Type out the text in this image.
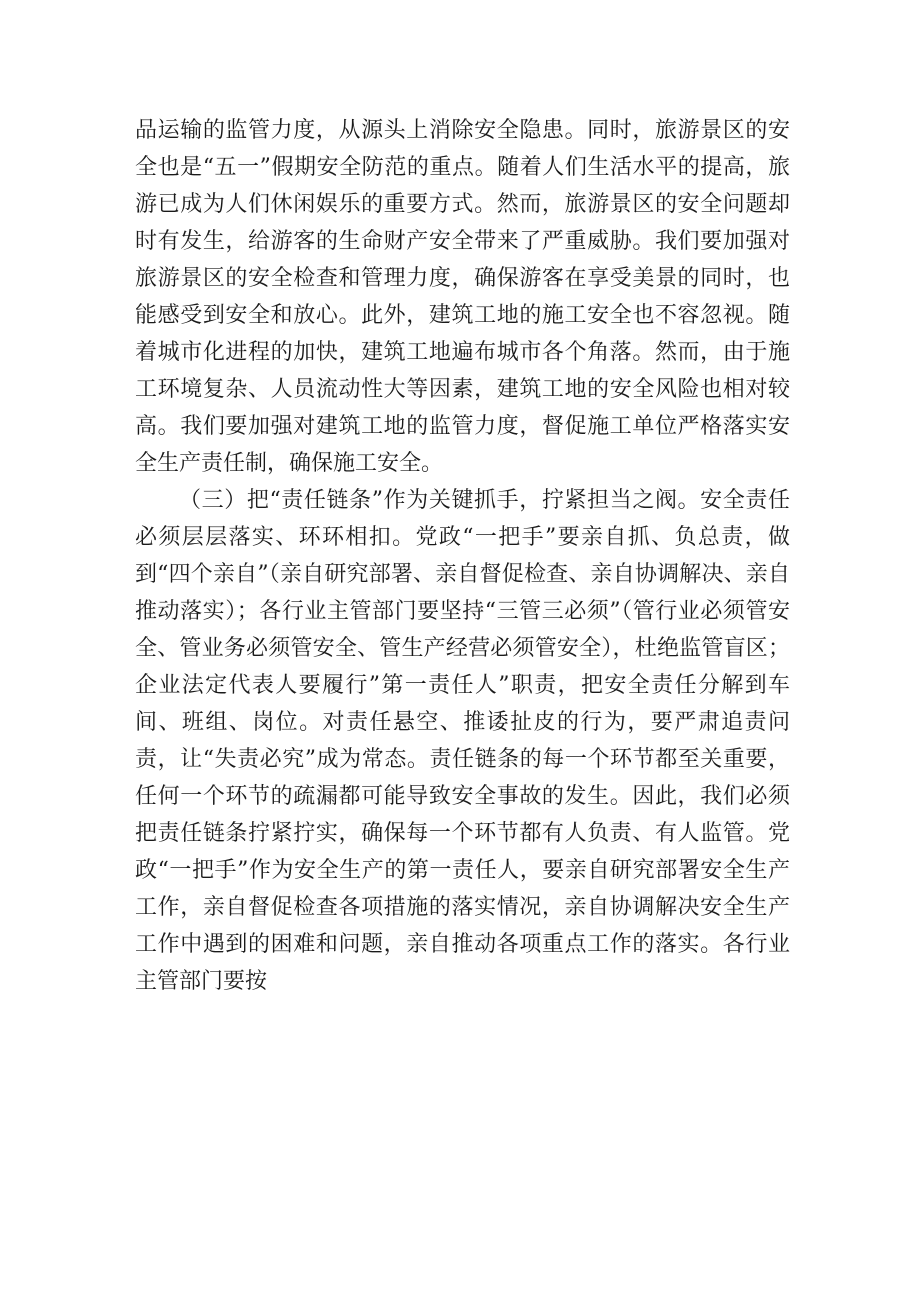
品运输的监管力度，从源头上消除安全隐患。同时，旅游景区的安全也是“五一”假期安全防范的重点。随着人们生活水平的提高，旅游已成为人们休闲娱乐的重要方式。然而，旅游景区的安全问题却时有发生，给游客的生命财产安全带来了严重威胁。我们要加强对旅游景区的安全检查和管理力度，确保游客在享受美景的同时，也能感受到安全和放心。此外，建筑工地的施工安全也不容忽视。随着城市化进程的加快，建筑工地遍布城市各个角落。然而，由于施工环境复杂、人员流动性大等因素，建筑工地的安全风险也相对较高。我们要加强对建筑工地的监管力度，督促施工单位严格落实安全生产责任制，确保施工安全。

（三）把“责任链条”作为关键抓手，拧紧担当之阀。安全责任必须层层落实、环环相扣。党政“一把手”要亲自抓、负总责，做到“四个亲自”（亲自研究部署、亲自督促检查、亲自协调解决、亲自推动落实）；各行业主管部门要坚持“三管三必须”（管行业必须管安全、管业务必须管安全、管生产经营必须管安全），杜绝监管盲区；企业法定代表人要履行”第一责任人”职责，把安全责任分解到车间、班组、岗位。对责任悬空、推诿扯皮的行为，要严肃追责问责，让“失责必究”成为常态。责任链条的每一个环节都至关重要，任何一个环节的疏漏都可能导致安全事故的发生。因此，我们必须把责任链条拧紧拧实，确保每一个环节都有人负责、有人监管。党政“一把手”作为安全生产的第一责任人，要亲自研究部署安全生产工作，亲自督促检查各项措施的落实情况，亲自协调解决安全生产工作中遇到的困难和问题，亲自推动各项重点工作的落实。各行业主管部门要按
